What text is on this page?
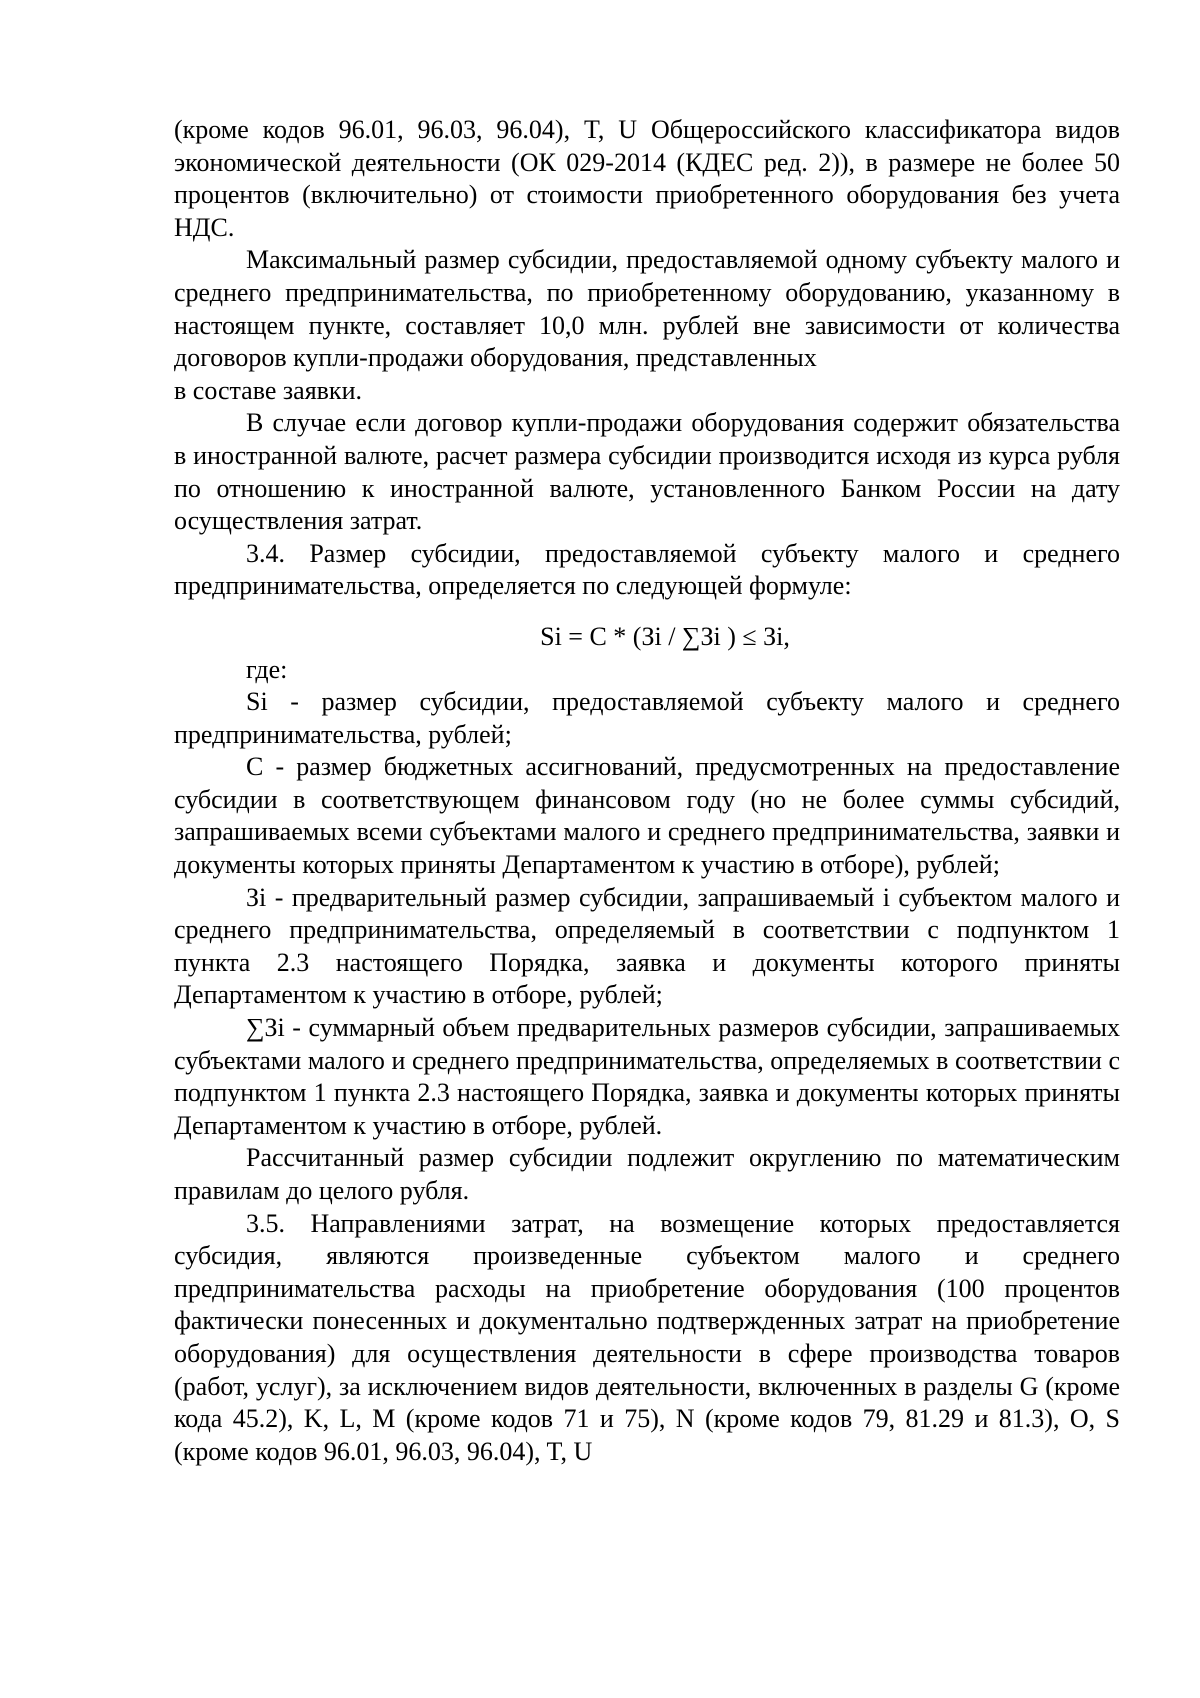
(кроме кодов 96.01, 96.03, 96.04), T, U Общероссийского классификатора видов экономической деятельности (ОК 029-2014 (КДЕС ред. 2)), в размере не более 50 процентов (включительно) от стоимости приобретенного оборудования без учета НДС.

Максимальный размер субсидии, предоставляемой одному субъекту малого и среднего предпринимательства, по приобретенному оборудованию, указанному в настоящем пункте, составляет 10,0 млн. рублей вне зависимости от количества договоров купли-продажи оборудования, представленных

в составе заявки.

В случае если договор купли-продажи оборудования содержит обязательства в иностранной валюте, расчет размера субсидии производится исходя из курса рубля по отношению к иностранной валюте, установленного Банком России на дату осуществления затрат.

3.4. Размер субсидии, предоставляемой субъекту малого и среднего предпринимательства, определяется по следующей формуле:

Si = C * (Зi / ∑Зi ) ≤ Зi,

где:

Si - размер субсидии, предоставляемой субъекту малого и среднего предпринимательства, рублей;

C - размер бюджетных ассигнований, предусмотренных на предоставление субсидии в соответствующем финансовом году (но не более суммы субсидий, запрашиваемых всеми субъектами малого и среднего предпринимательства, заявки и документы которых приняты Департаментом к участию в отборе), рублей;

Зi - предварительный размер субсидии, запрашиваемый i субъектом малого и среднего предпринимательства, определяемый в соответствии с подпунктом 1 пункта 2.3 настоящего Порядка, заявка и документы которого приняты Департаментом к участию в отборе, рублей;

∑Зi - суммарный объем предварительных размеров субсидии, запрашиваемых субъектами малого и среднего предпринимательства, определяемых в соответствии с подпунктом 1 пункта 2.3 настоящего Порядка, заявка и документы которых приняты Департаментом к участию в отборе, рублей.

Рассчитанный размер субсидии подлежит округлению по математическим правилам до целого рубля.

3.5. Направлениями затрат, на возмещение которых предоставляется субсидия, являются произведенные субъектом малого и среднего предпринимательства расходы на приобретение оборудования (100 процентов фактически понесенных и документально подтвержденных затрат на приобретение оборудования) для осуществления деятельности в сфере производства товаров (работ, услуг), за исключением видов деятельности, включенных в разделы G (кроме кода 45.2), K, L, M (кроме кодов 71 и 75), N (кроме кодов 79, 81.29 и 81.3), O, S (кроме кодов 96.01, 96.03, 96.04), T, U
